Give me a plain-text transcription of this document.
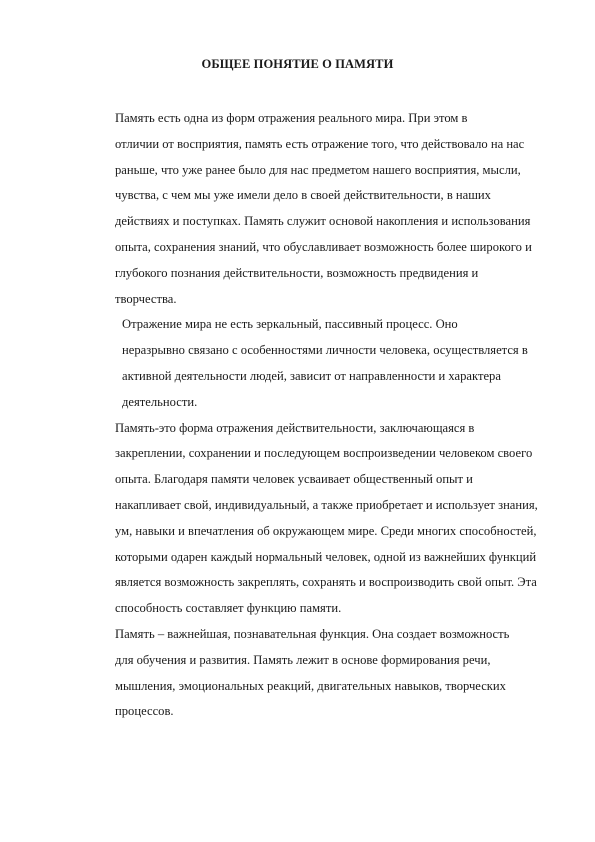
ОБЩЕЕ ПОНЯТИЕ О ПАМЯТИ

Память есть одна из форм отражения реального мира. При этом в
отличии от восприятия, память есть отражение того, что действовало на нас
раньше, что уже ранее было для нас предметом нашего восприятия, мысли,
чувства, с чем мы уже имели дело в своей действительности, в наших
действиях и поступках. Память служит основой накопления и использования
опыта, сохранения знаний, что обуславливает возможность более широкого и
глубокого познания действительности, возможность предвидения и
творчества.

Отражение мира не есть зеркальный, пассивный процесс. Оно
неразрывно связано с особенностями личности человека, осуществляется в
активной деятельности людей, зависит от направленности и характера
деятельности.

Память-это форма отражения действительности, заключающаяся в
закреплении, сохранении и последующем воспроизведении человеком своего
опыта. Благодаря памяти человек усваивает общественный опыт и
накапливает свой, индивидуальный, а также приобретает и использует знания,
ум, навыки и впечатления об окружающем мире. Среди многих способностей,
которыми одарен каждый нормальный человек, одной из важнейших функций
является возможность закреплять, сохранять и воспроизводить свой опыт. Эта
способность составляет функцию памяти.

Память – важнейшая, познавательная функция. Она создает возможность
для обучения и развития. Память лежит в основе формирования речи,
мышления, эмоциональных реакций, двигательных навыков, творческих
процессов.
